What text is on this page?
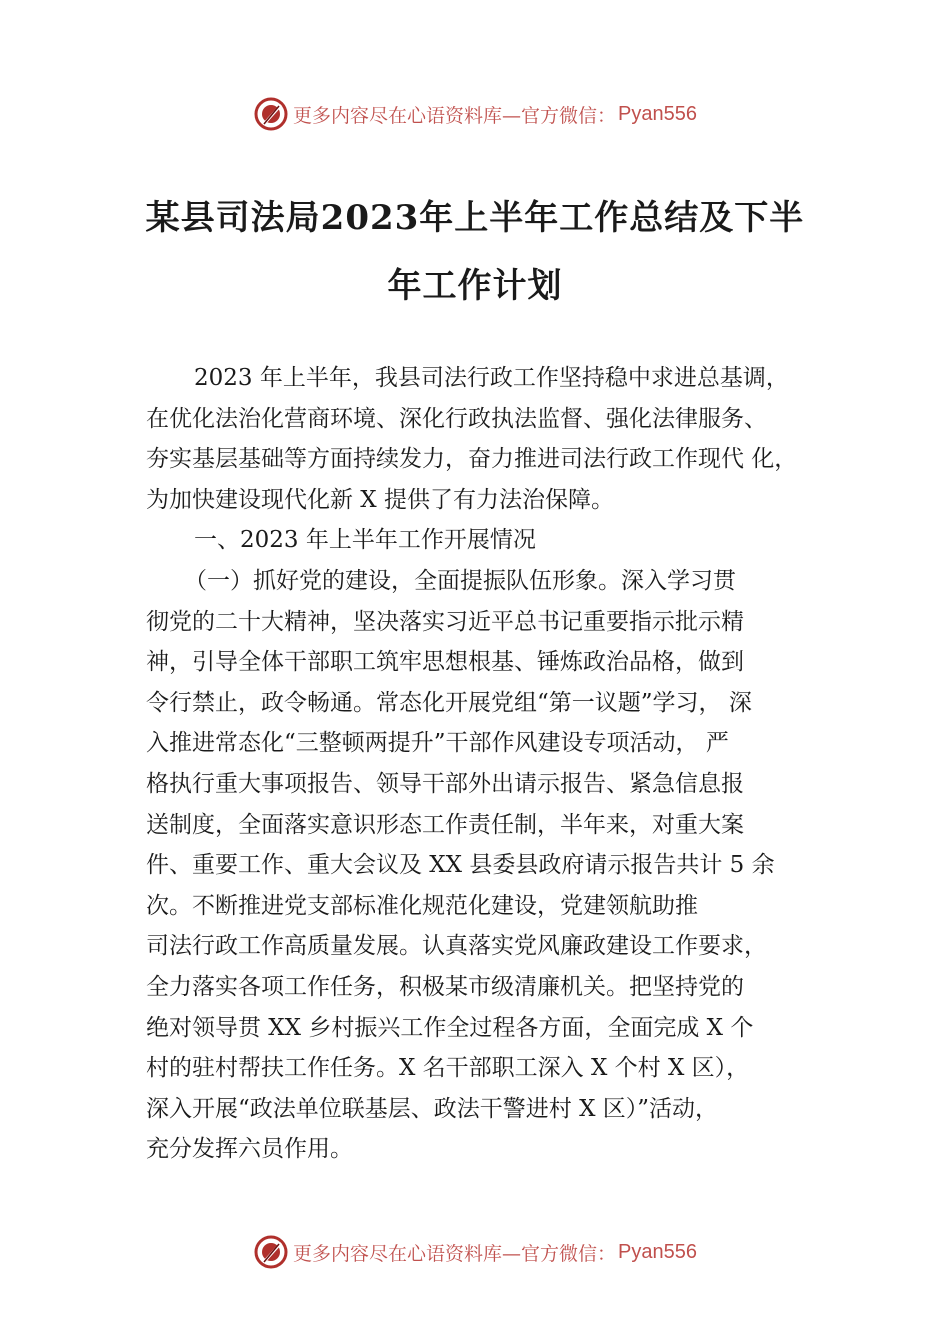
更多内容尽在心语资料库—官方微信： Pyan556
某县司法局2023年上半年工作总结及下半
年工作计划
2023 年上半年，我县司法行政工作坚持稳中求进总基调，
在优化法治化营商环境、深化行政执法监督、强化法律服务、
夯实基层基础等方面持续发力，奋力推进司法行政工作现代 化，
为加快建设现代化新 X 提供了有力法治保障。
一、2023 年上半年工作开展情况
（一）抓好党的建设，全面提振队伍形象。深入学习贯
彻党的二十大精神，坚决落实习近平总书记重要指示批示精
神，引导全体干部职工筑牢思想根基、锤炼政治品格，做到
令行禁止，政令畅通。常态化开展党组“第一议题”学习， 深
入推进常态化“三整顿两提升”干部作风建设专项活动， 严
格执行重大事项报告、领导干部外出请示报告、紧急信息报
送制度，全面落实意识形态工作责任制，半年来，对重大案
件、重要工作、重大会议及 XX 县委县政府请示报告共计 5 余
次。不断推进党支部标准化规范化建设，党建领航助推
司法行政工作高质量发展。认真落实党风廉政建设工作要求，
全力落实各项工作任务，积极某市级清廉机关。把坚持党的
绝对领导贯 XX 乡村振兴工作全过程各方面，全面完成 X 个
村的驻村帮扶工作任务。X 名干部职工深入 X 个村 X 区），
深入开展“政法单位联基层、政法干警进村 X 区）”活动，
充分发挥六员作用。
更多内容尽在心语资料库—官方微信： Pyan556
